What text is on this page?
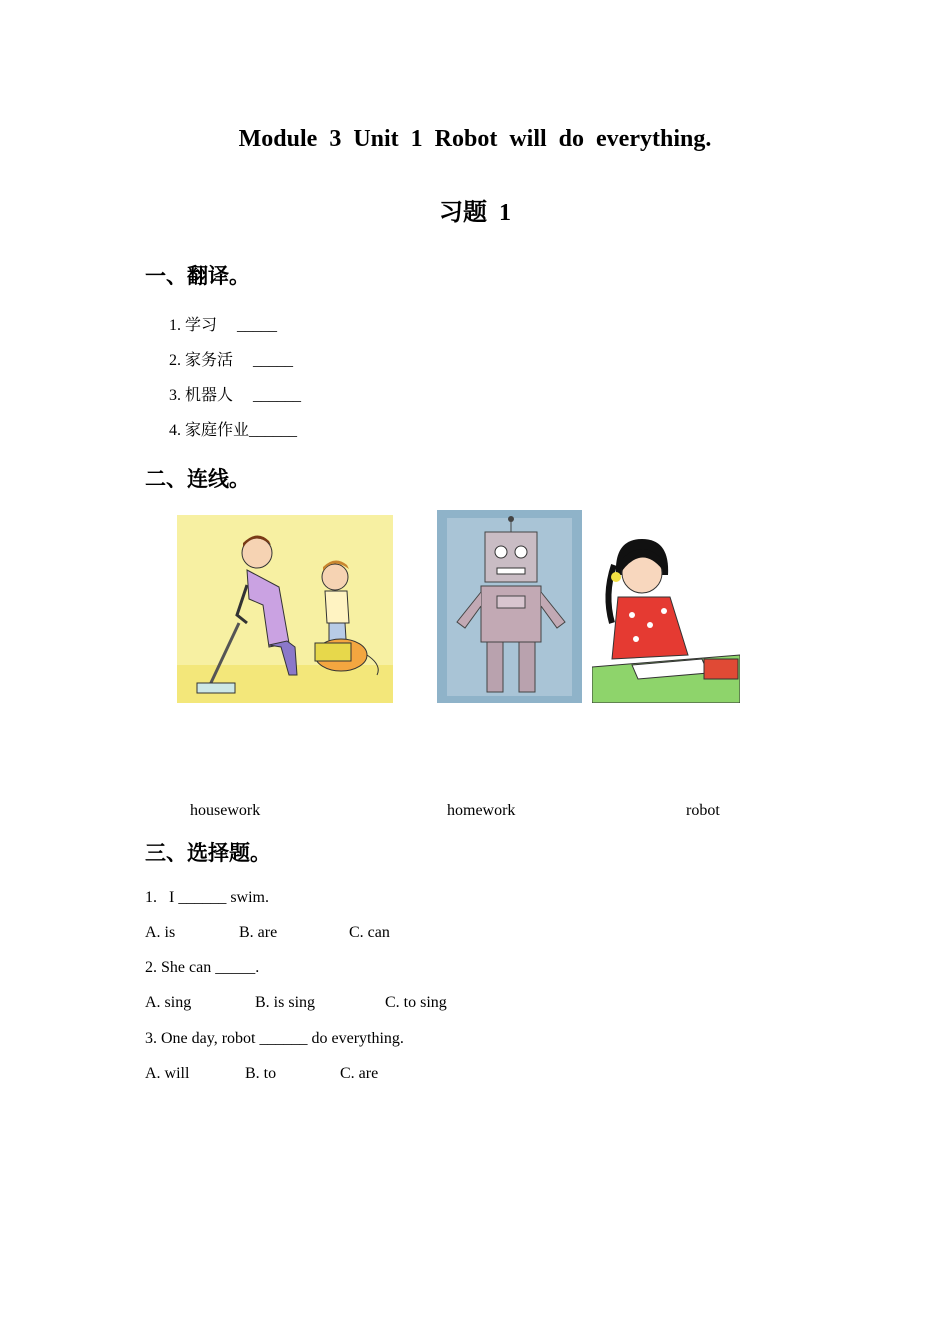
Module 3 Unit 1 Robot will do everything.
习题 1
一、翻译。
1. 学习     _____
2. 家务活     _____
3. 机器人     ______
4. 家庭作业______
二、连线。
housework	homework	robot
三、选择题。
1.   I ______ swim.
A. is	B. are	C. can
2. She can _____.
A. sing	B. is sing	C. to sing
3. One day, robot ______ do everything.
A. will	B. to	C. are
